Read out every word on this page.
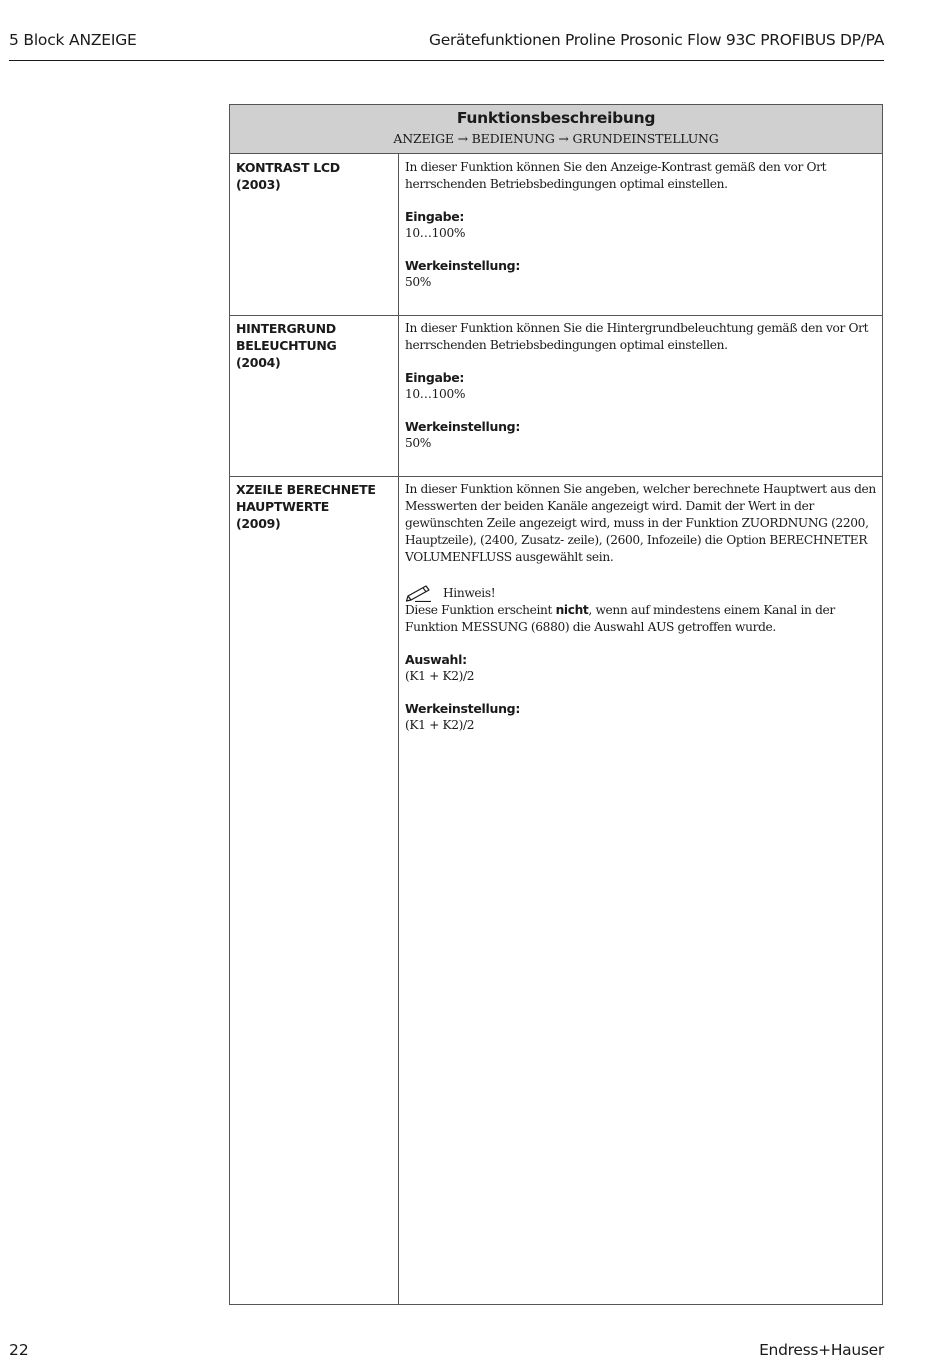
5 Block ANZEIGE	Gerätefunktionen Proline Prosonic Flow 93C PROFIBUS DP/PA
Funktionsbeschreibung
ANZEIGE → BEDIENUNG → GRUNDEINSTELLUNG
KONTRAST LCD
(2003)

In dieser Funktion können Sie den Anzeige-Kontrast gemäß den vor Ort herrschenden Betriebsbedingungen optimal einstellen.

Eingabe:

10…100%

Werkeinstellung:
50%
HINTERGRUND
BELEUCHTUNG
(2004)

In dieser Funktion können Sie die Hintergrundbeleuchtung gemäß den vor Ort herrschenden Betriebsbedingungen optimal einstellen.

Eingabe:

10…100%

Werkeinstellung:
50%
XZEILE BERECHNETE
HAUPTWERTE
(2009)

In dieser Funktion können Sie angeben, welcher berechnete Hauptwert aus den Messwerten der beiden Kanäle angezeigt wird. Damit der Wert in der gewünschten Zeile angezeigt wird, muss in der Funktion ZUORDNUNG (2200, Hauptzeile), (2400, Zusatz- zeile), (2600, Infozeile) die Option BERECHNETER VOLUMENFLUSS ausgewählt sein.

Hinweis!

Diese Funktion erscheint nicht, wenn auf mindestens einem Kanal in der Funktion MESSUNG (6880) die Auswahl AUS getroffen wurde.

Auswahl:

(K1 + K2)/2

Werkeinstellung:
(K1 + K2)/2
22	Endress+Hauser
